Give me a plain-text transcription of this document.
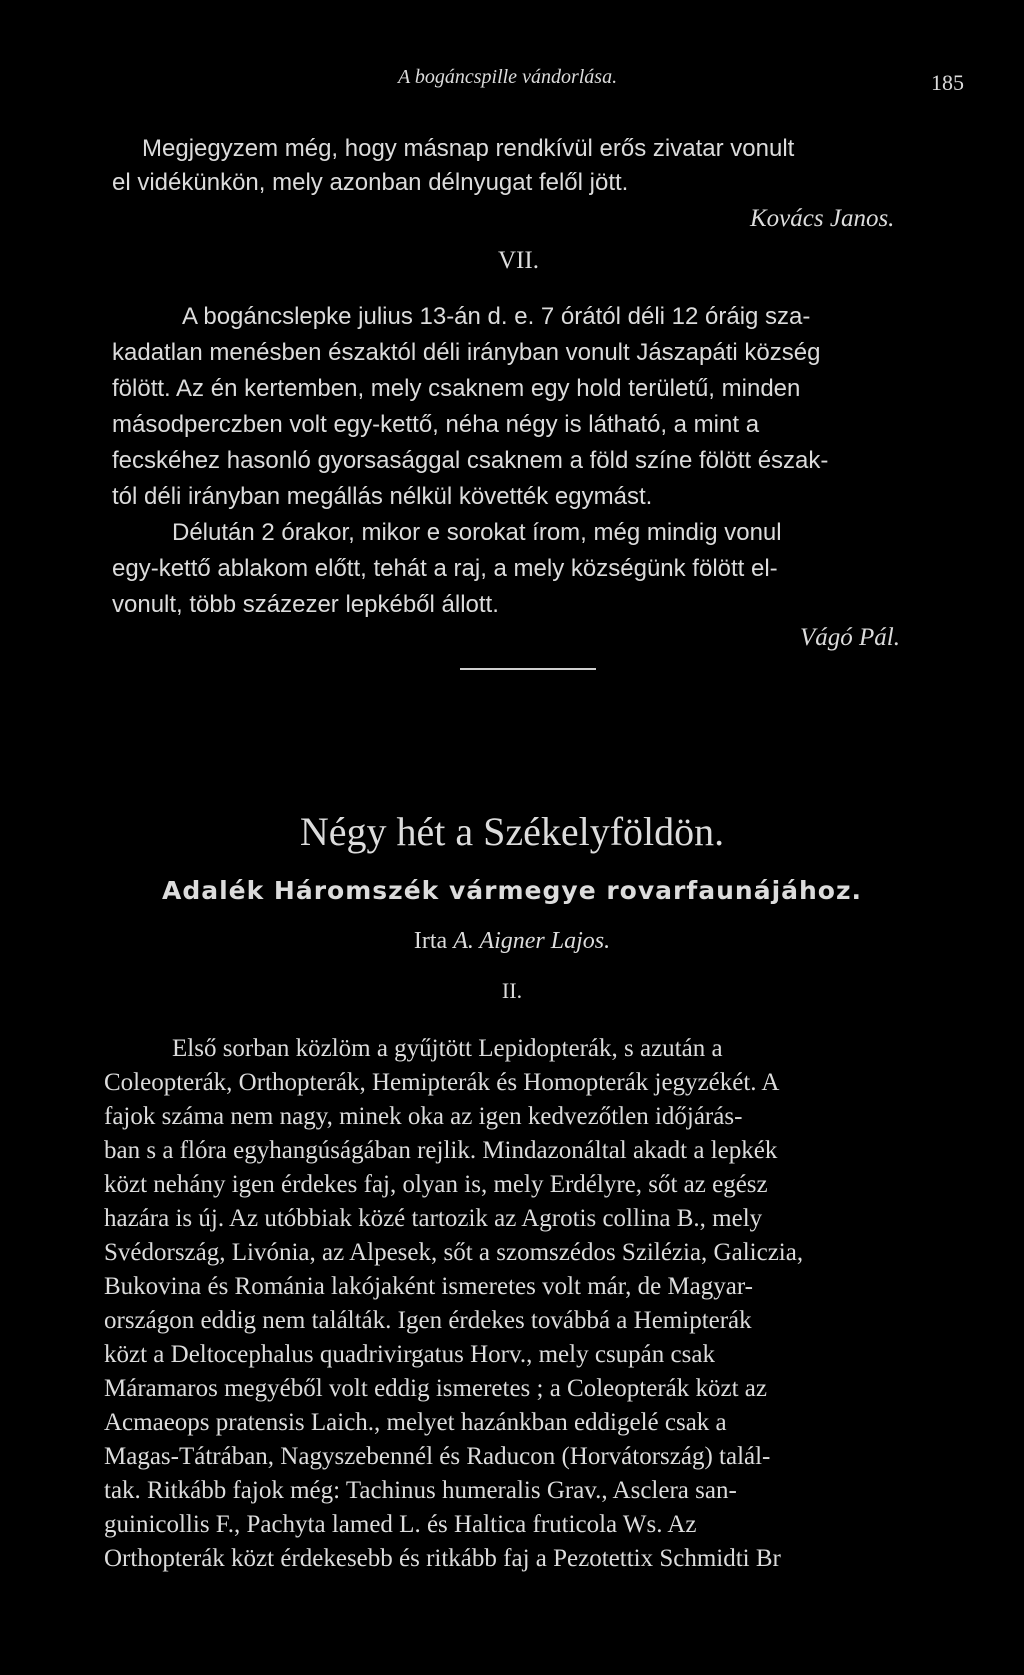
A bogáncspille vándorlása.	185
Megjegyzem még, hogy másnap rendkívül erős zivatar vonult
el vidékünkön, mely azonban délnyugat felől jött.
Kovács Janos.
VII.
A bogáncslepke julius 13-án d. e. 7 órától déli 12 óráig sza-
kadatlan menésben északtól déli irányban vonult Jászapáti község
fölött. Az én kertemben, mely csaknem egy hold területű, minden
másodperczben volt egy-kettő, néha négy is látható, a mint a
fecskéhez hasonló gyorsasággal csaknem a föld színe fölött észak-
tól déli irányban megállás nélkül követték egymást.
Délután 2 órakor, mikor e sorokat írom, még mindig vonul
egy-kettő ablakom előtt, tehát a raj, a mely községünk fölött el-
vonult, több százezer lepkéből állott.
Vágó Pál.
Négy hét a Székelyföldön.
Adalék Háromszék vármegye rovarfaunájához.
Irta A. Aigner Lajos.
II.
Első sorban közlöm a gyűjtött Lepidopterák, s azután a
Coleopterák, Orthopterák, Hemipterák és Homopterák jegyzékét. A
fajok száma nem nagy, minek oka az igen kedvezőtlen időjárás-
ban s a flóra egyhangúságában rejlik. Mindazonáltal akadt a lepkék
közt nehány igen érdekes faj, olyan is, mely Erdélyre, sőt az egész
hazára is új. Az utóbbiak közé tartozik az Agrotis collina B., mely
Svédország, Livónia, az Alpesek, sőt a szomszédos Szilézia, Galiczia,
Bukovina és Románia lakójaként ismeretes volt már, de Magyar-
országon eddig nem találták. Igen érdekes továbbá a Hemipterák
közt a Deltocephalus quadrivirgatus Horv., mely csupán csak
Máramaros megyéből volt eddig ismeretes ; a Coleopterák közt az
Acmaeops pratensis Laich., melyet hazánkban eddigelé csak a
Magas-Tátrában, Nagyszebennél és Raducon (Horvátország) talál-
tak. Ritkább fajok még: Tachinus humeralis Grav., Asclera san-
guinicollis F., Pachyta lamed L. és Haltica fruticola Ws. Az
Orthopterák közt érdekesebb és ritkább faj a Pezotettix Schmidti Br
